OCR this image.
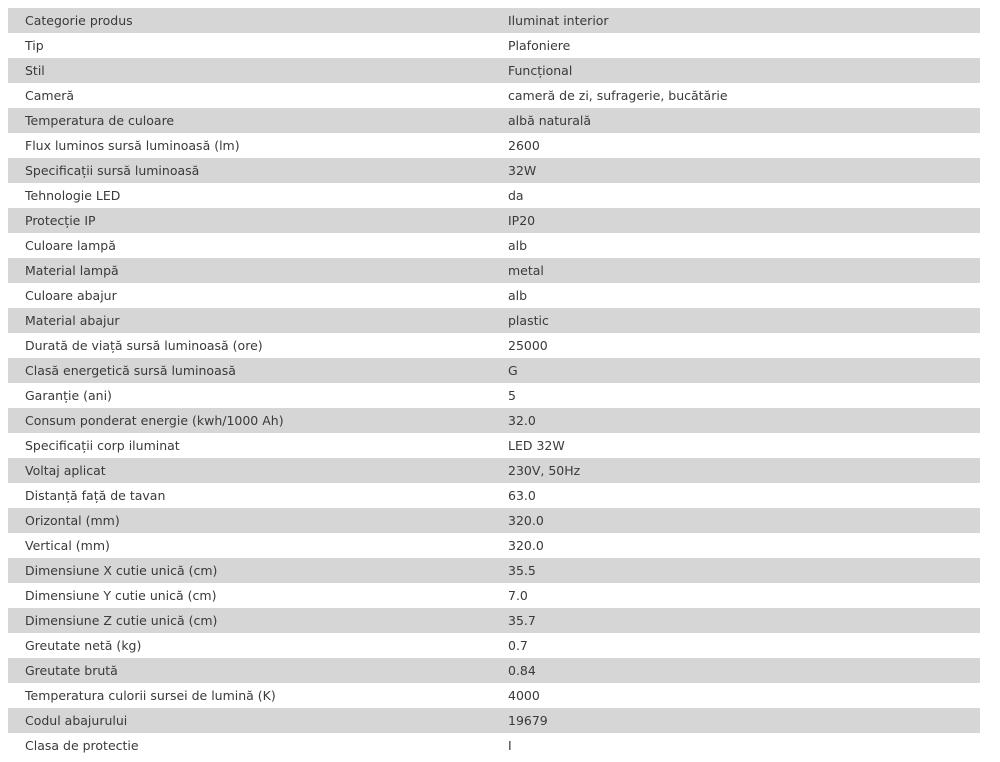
Categorie produs	Iluminat interior
Tip	Plafoniere
Stil	Funcțional
Cameră	cameră de zi, sufragerie, bucătărie
Temperatura de culoare	albă naturală
Flux luminos sursă luminoasă (lm)	2600
Specificații sursă luminoasă	32W
Tehnologie LED	da
Protecție IP	IP20
Culoare lampă	alb
Material lampă	metal
Culoare abajur	alb
Material abajur	plastic
Durată de viață sursă luminoasă (ore)	25000
Clasă energetică sursă luminoasă	G
Garanție (ani)	5
Consum ponderat energie (kwh/1000 Ah)	32.0
Specificații corp iluminat	LED 32W
Voltaj aplicat	230V, 50Hz
Distanță față de tavan	63.0
Orizontal (mm)	320.0
Vertical (mm)	320.0
Dimensiune X cutie unică (cm)	35.5
Dimensiune Y cutie unică (cm)	7.0
Dimensiune Z cutie unică (cm)	35.7
Greutate netă (kg)	0.7
Greutate brută	0.84
Temperatura culorii sursei de lumină (K)	4000
Codul abajurului	19679
Clasa de protectie	I
